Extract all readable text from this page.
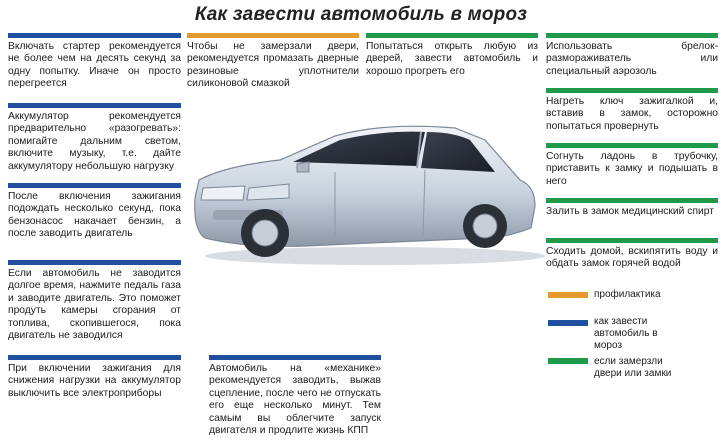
Как завести автомобиль в мороз
Включать стартер рекомендуется не более чем на десять секунд за одну попытку. Иначе он просто перегреется
Аккумулятор рекомендуется предварительно «разогревать»: помигайте дальним светом, включите музыку, т.е. дайте аккумулятору небольшую нагрузку
После включения зажигания подождать несколько секунд, пока бензонасос накачает бензин, а после заводить двигатель
Если автомобиль не заводится долгое время, нажмите педаль газа и заводите двигатель. Это поможет продуть камеры сгорания от топлива, скопившегося, пока двигатель не заводился
При включении зажигания для снижения нагрузки на аккумулятор выключить все электроприборы
Чтобы не замерзали двери, рекомендуется промазать дверные резиновые уплотнители силиконовой смазкой
Попытаться открыть любую из дверей, завести автомобиль и хорошо прогреть его
Использовать брелок-размораживатель или специальный аэрозоль
Нагреть ключ зажигалкой и, вставив в замок, осторожно попытаться провернуть
Согнуть ладонь в трубочку, приставить к замку и подышать в него
Залить в замок медицинский спирт
Сходить домой, вскипятить воду и обдать замок горячей водой
Автомобиль на «механике» рекомендуется заводить, выжав сцепление, после чего не отпускать его еще несколько минут. Тем самым вы облегчите запуск двигателя и продлите жизнь КПП
профилактика
как завести автомобиль в мороз
если замерзли двери или замки
